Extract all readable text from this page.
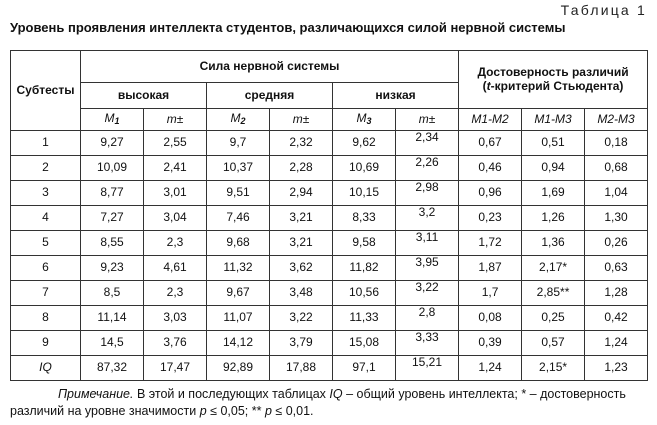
Таблица 1
Уровень проявления интеллекта студентов, различающихся силой нервной системы
Субтесты	Сила нервной системы						Достоверность различий
(t-критерий Стьюдента)		
	высокая		средняя		низкая				
	$M_1$	m±	$M_2$	m±	$M_3$	m±	M1-M2	M1-M3	M2-M3
1	9,27	2,55	9,7	2,32	9,62	2,34	0,67	0,51	0,18
2	10,09	2,41	10,37	2,28	10,69	2,26	0,46	0,94	0,68
3	8,77	3,01	9,51	2,94	10,15	2,98	0,96	1,69	1,04
4	7,27	3,04	7,46	3,21	8,33	3,2	0,23	1,26	1,30
5	8,55	2,3	9,68	3,21	9,58	3,11	1,72	1,36	0,26
6	9,23	4,61	11,32	3,62	11,82	3,95	1,87	2,17*	0,63
7	8,5	2,3	9,67	3,48	10,56	3,22	1,7	2,85**	1,28
8	11,14	3,03	11,07	3,22	11,33	2,8	0,08	0,25	0,42
9	14,5	3,76	14,12	3,79	15,08	3,33	0,39	0,57	1,24
IQ	87,32	17,47	92,89	17,88	97,1	15,21	1,24	2,15*	1,23
Примечание. В этой и последующих таблицах IQ – общий уровень интеллекта; * – достоверность
различий на уровне значимости p ≤ 0,05; ** p ≤ 0,01.
